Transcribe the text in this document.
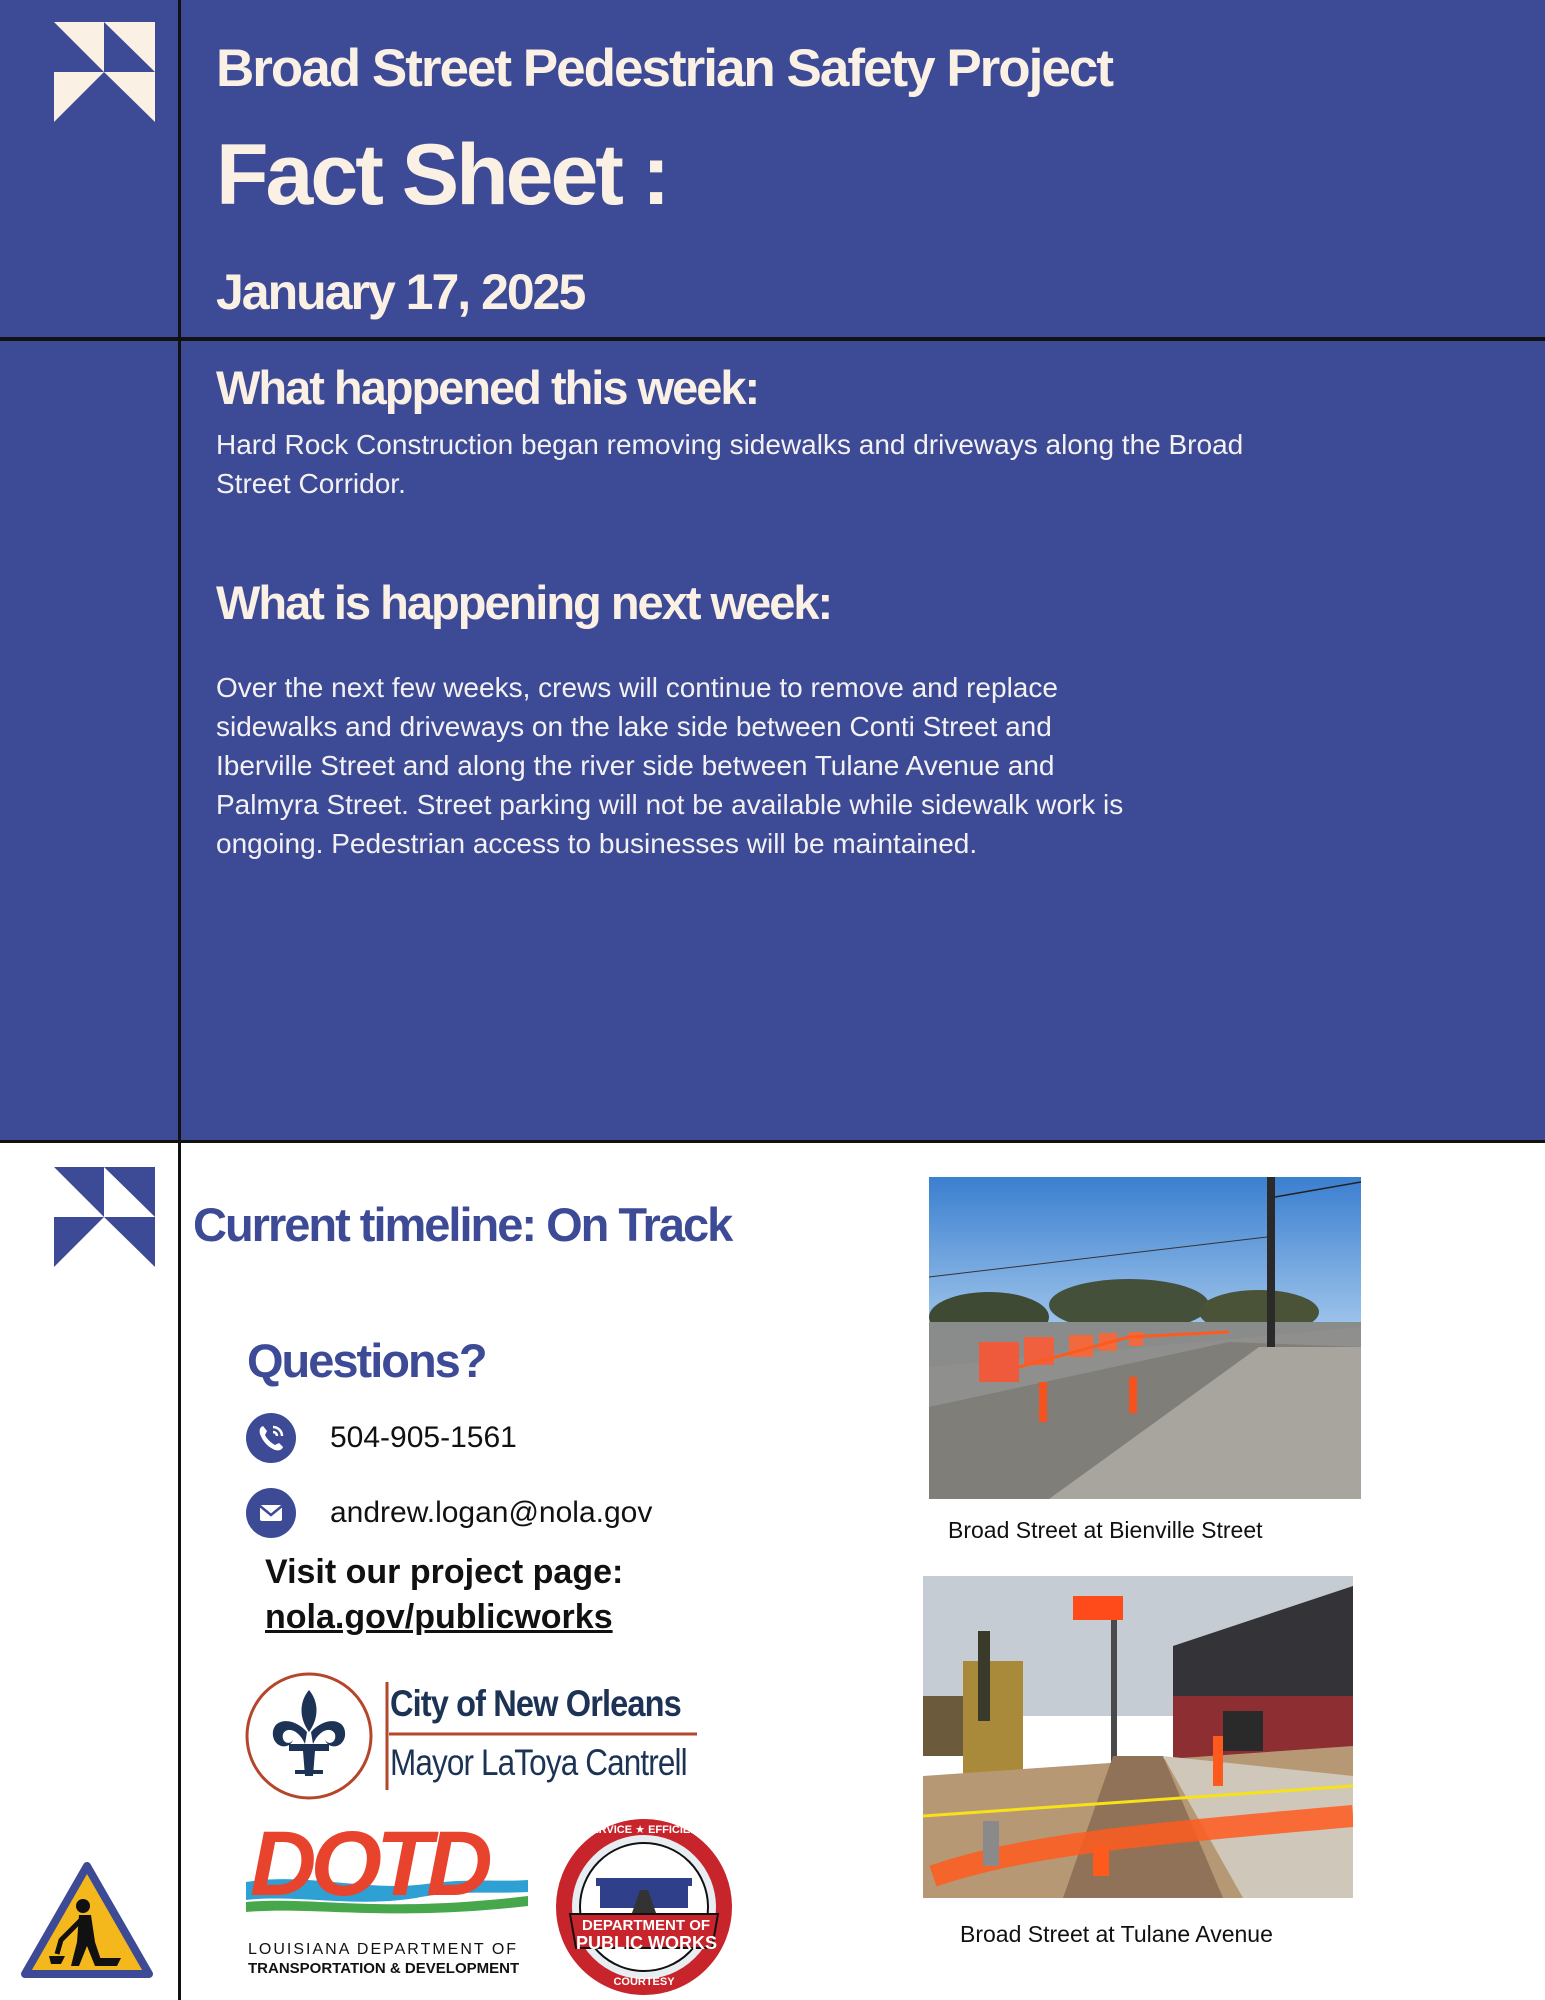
Broad Street Pedestrian Safety Project
Fact Sheet :
January 17, 2025
What happened this week:
Hard Rock Construction began removing sidewalks and driveways along the Broad
Street Corridor.
What is happening next week:
Over the next few weeks, crews will continue to remove and replace
sidewalks and driveways on the lake side between Conti Street and
Iberville Street and along the river side between Tulane Avenue and
Palmyra Street. Street parking will not be available while sidewalk work is
ongoing. Pedestrian access to businesses will be maintained.
Current timeline: On Track
Questions?
504-905-1561
andrew.logan@nola.gov
Visit our project page:
nola.gov/publicworks
City of New Orleans
Mayor LaToya Cantrell
DOTD
LOUISIANA DEPARTMENT OF
TRANSPORTATION & DEVELOPMENT
DEPARTMENT OF
PUBLIC WORKS
SERVICE ★ EFFICIENCY
COURTESY
Broad Street at Bienville Street
Broad Street at Tulane Avenue
